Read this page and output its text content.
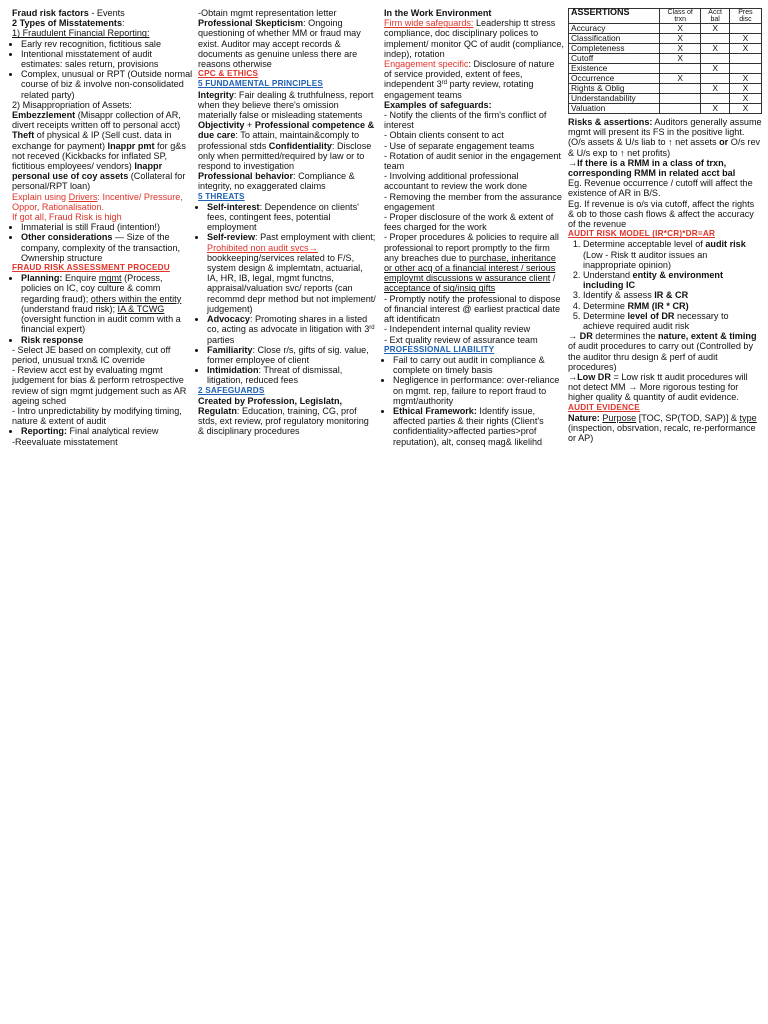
Fraud risk factors - Events

2 Types of Misstatements:

1) Fraudulent Financial Reporting:

• Early rev recognition, fictitious sale
• Intentional misstatement of audit estimates: sales return, provisions
• Complex, unusual or RPT (Outside normal course of biz & involve non-consolidated related party)

2) Misappropriation of Assets:

Embezzlement (Misappr collection of AR, divert receipts written off to personal acct) Theft of physical & IP (Sell cust. data in exchange for payment) Inappr pmt for g&s not receved (Kickbacks for inflated SP, fictitious employees/ vendors) Inappr personal use of coy assets (Collateral for personal/RPT loan)

Explain using Drivers: Incentive/ Pressure, Oppor, Rationalisation.

If got all, Fraud Risk is high

• Immaterial is still Fraud (intention!)
• Other considerations — Size of the company, complexity of the transaction, Ownership structure

FRAUD RISK ASSESSMENT PROCEDU

• Planning: Enquire mgmt (Process, policies on IC, coy culture & comm regarding fraud); others within the entity (understand fraud risk); IA & TCWG (oversight function in audit comm with a financial expert)
• Risk response

- Select JE based on complexity, cut off period, unusual trxn& IC override

- Review acct est by evaluating mgmt judgement for bias & perform retrospective review of sign mgmt judgement such as AR ageing sched

- Intro unpredictability by modifying timing, nature & extent of audit

• Reporting: Final analytical review

-Reevaluate misstatement

-Obtain mgmt representation letter

Professional Skepticism: Ongoing questioning of whether MM or fraud may exist. Auditor may accept records & documents as genuine unless there are reasons otherwise

CPC & ETHICS

5 FUNDAMENTAL PRINCIPLES

Integrity: Fair dealing & truthfulness, report when they believe there's omission materially false or misleading statements

Objectivity + Professional competence & due care: To attain, maintain&comply to professional stds Confidentiality: Disclose only when permitted/required by law or to respond to investigation

Professional behavior: Compliance & integrity, no exaggerated claims

5 THREATS

• Self-interest: Dependence on clients' fees, contingent fees, potential employment
• Self-review: Past employment with client; Prohibited non audit svcs→ bookkeeping/services related to F/S, system design & implemtatn, actuarial, IA, HR, IB, legal, mgmt functns, appraisal/valuation svc/ reports (can recommd depr method but not implement/ judgement)
• Advocacy: Promoting shares in a listed co, acting as advocate in litigation with 3rd parties
• Familiarity: Close r/s, gifts of sig. value, former employee of client
• Intimidation: Threat of dismissal, litigation, reduced fees

2 SAFEGUARDS

Created by Profession, Legislatn, Regulatn: Education, training, CG, prof stds, ext review, prof regulatory monitoring & disciplinary procedures

In the Work Environment

Firm wide safeguards: Leadership tt stress compliance, doc disciplinary polices to implement/ monitor QC of audit (compliance, indep), rotation

Engagement specific: Disclosure of nature of service provided, extent of fees, independent 3rd party review, rotating engagement teams

Examples of safeguards:

- Notify the clients of the firm's conflict of interest

- Obtain clients consent to act

- Use of separate engagement teams

- Rotation of audit senior in the engagement team

- Involving additional professional accountant to review the work done

- Removing the member from the assurance engagement

- Proper disclosure of the work & extent of fees charged for the work

- Proper procedures & policies to require all professional to report promptly to the firm any breaches due to purchase, inheritance or other acq of a financial interest / serious employmt discussions w assurance client / acceptance of sig/insig gifts

- Promptly notify the professional to dispose of financial interest @ earliest practical date aft identificatn

- Independent internal quality review

- Ext quality review of assurance team

PROFESSIONAL LIABILITY

• Fail to carry out audit in compliance & complete on timely basis
• Negligence in performance: over-reliance on mgmt. rep, failure to report fraud to mgmt/authority
• Ethical Framework: Identify issue, affected parties & their rights (Client's confidentiality>affected parties>prof reputation), alt, conseq mag& likelihd
ASSERTIONS	Class of trxn	Acct bal	Pres disc
Accuracy	X	X	
Classification	X		X
Completeness	X	X	X
Cutoff	X		
Existence		X	
Occurrence	X		X
Rights & Oblig		X	X
Understandability			X
Valuation		X	X

Risks & assertions: Auditors generally assume mgmt will present its FS in the positive light. (O/s assets & U/s liab to ↑ net assets or O/s rev & U/s exp to ↑ net profits)

→If there is a RMM in a class of trxn, corresponding RMM in related acct bal

Eg. Revenue occurrence / cutoff will affect the existence of AR in B/S.

Eg. If revenue is o/s via cutoff, affect the rights & ob to those cash flows & affect the accuracy of the revenue

AUDIT RISK MODEL (IR*CR)*DR=AR

1. Determine acceptable level of audit risk (Low - Risk tt auditor issues an inappropriate opinion)
2. Understand entity & environment including IC
3. Identify & assess IR & CR
4. Determine RMM (IR * CR)
5. Determine level of DR necessary to achieve required audit risk

→ DR determines the nature, extent & timing of audit procedures to carry out (Controlled by the auditor thru design & perf of audit procedures)

→Low DR = Low risk tt audit procedures will not detect MM → More rigorous testing for higher quality & quantity of audit evidence.

AUDIT EVIDENCE

Nature: Purpose [TOC, SP(TOD, SAP)] & type (inspection, obsrvation, recalc, re-performance or AP)
